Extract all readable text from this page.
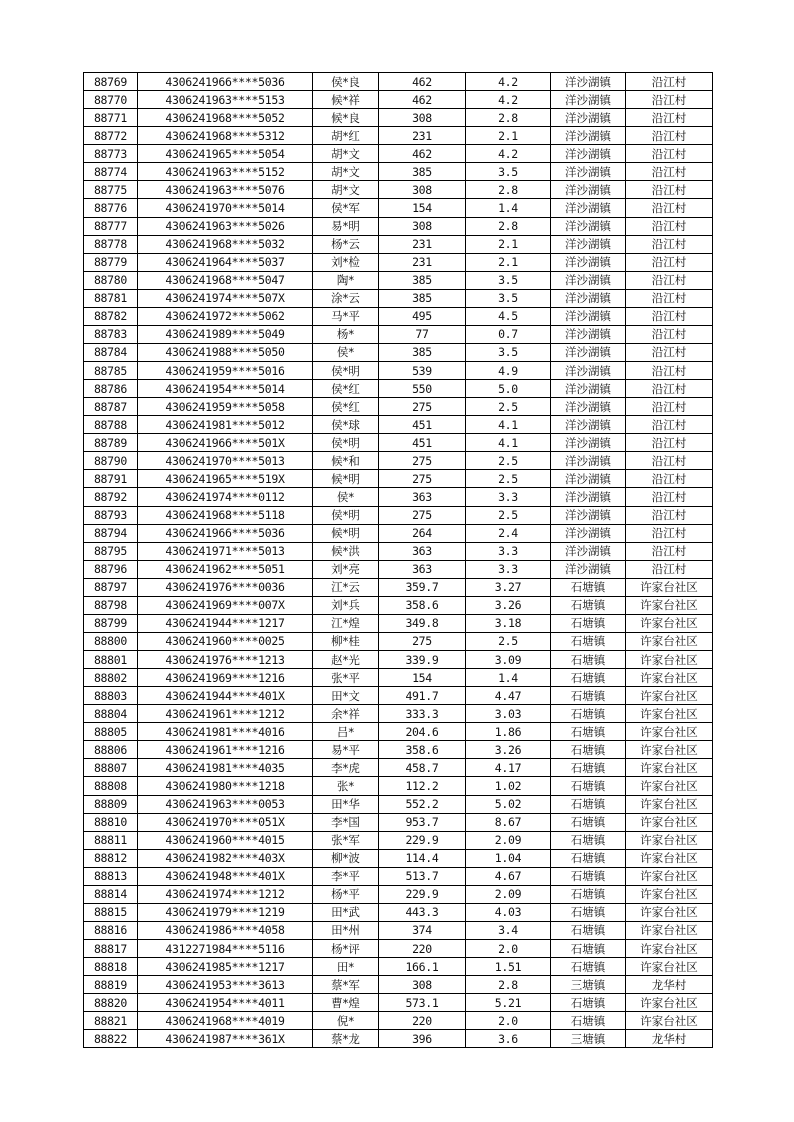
88769	4306241966****5036	侯*良	462	4.2	洋沙湖镇	沿江村
88770	4306241963****5153	候*祥	462	4.2	洋沙湖镇	沿江村
88771	4306241968****5052	候*良	308	2.8	洋沙湖镇	沿江村
88772	4306241968****5312	胡*红	231	2.1	洋沙湖镇	沿江村
88773	4306241965****5054	胡*文	462	4.2	洋沙湖镇	沿江村
88774	4306241963****5152	胡*文	385	3.5	洋沙湖镇	沿江村
88775	4306241963****5076	胡*文	308	2.8	洋沙湖镇	沿江村
88776	4306241970****5014	侯*军	154	1.4	洋沙湖镇	沿江村
88777	4306241963****5026	易*明	308	2.8	洋沙湖镇	沿江村
88778	4306241968****5032	杨*云	231	2.1	洋沙湖镇	沿江村
88779	4306241964****5037	刘*检	231	2.1	洋沙湖镇	沿江村
88780	4306241968****5047	陶*	385	3.5	洋沙湖镇	沿江村
88781	4306241974****507X	涂*云	385	3.5	洋沙湖镇	沿江村
88782	4306241972****5062	马*平	495	4.5	洋沙湖镇	沿江村
88783	4306241989****5049	杨*	77	0.7	洋沙湖镇	沿江村
88784	4306241988****5050	侯*	385	3.5	洋沙湖镇	沿江村
88785	4306241959****5016	侯*明	539	4.9	洋沙湖镇	沿江村
88786	4306241954****5014	侯*红	550	5.0	洋沙湖镇	沿江村
88787	4306241959****5058	侯*红	275	2.5	洋沙湖镇	沿江村
88788	4306241981****5012	侯*球	451	4.1	洋沙湖镇	沿江村
88789	4306241966****501X	侯*明	451	4.1	洋沙湖镇	沿江村
88790	4306241970****5013	候*和	275	2.5	洋沙湖镇	沿江村
88791	4306241965****519X	候*明	275	2.5	洋沙湖镇	沿江村
88792	4306241974****0112	侯*	363	3.3	洋沙湖镇	沿江村
88793	4306241968****5118	侯*明	275	2.5	洋沙湖镇	沿江村
88794	4306241966****5036	候*明	264	2.4	洋沙湖镇	沿江村
88795	4306241971****5013	候*洪	363	3.3	洋沙湖镇	沿江村
88796	4306241962****5051	刘*亮	363	3.3	洋沙湖镇	沿江村
88797	4306241976****0036	江*云	359.7	3.27	石塘镇	许家台社区
88798	4306241969****007X	刘*兵	358.6	3.26	石塘镇	许家台社区
88799	4306241944****1217	江*煌	349.8	3.18	石塘镇	许家台社区
88800	4306241960****0025	柳*桂	275	2.5	石塘镇	许家台社区
88801	4306241976****1213	赵*光	339.9	3.09	石塘镇	许家台社区
88802	4306241969****1216	张*平	154	1.4	石塘镇	许家台社区
88803	4306241944****401X	田*文	491.7	4.47	石塘镇	许家台社区
88804	4306241961****1212	余*祥	333.3	3.03	石塘镇	许家台社区
88805	4306241981****4016	吕*	204.6	1.86	石塘镇	许家台社区
88806	4306241961****1216	易*平	358.6	3.26	石塘镇	许家台社区
88807	4306241981****4035	李*虎	458.7	4.17	石塘镇	许家台社区
88808	4306241980****1218	张*	112.2	1.02	石塘镇	许家台社区
88809	4306241963****0053	田*华	552.2	5.02	石塘镇	许家台社区
88810	4306241970****051X	李*国	953.7	8.67	石塘镇	许家台社区
88811	4306241960****4015	张*军	229.9	2.09	石塘镇	许家台社区
88812	4306241982****403X	柳*波	114.4	1.04	石塘镇	许家台社区
88813	4306241948****401X	李*平	513.7	4.67	石塘镇	许家台社区
88814	4306241974****1212	杨*平	229.9	2.09	石塘镇	许家台社区
88815	4306241979****1219	田*武	443.3	4.03	石塘镇	许家台社区
88816	4306241986****4058	田*州	374	3.4	石塘镇	许家台社区
88817	4312271984****5116	杨*评	220	2.0	石塘镇	许家台社区
88818	4306241985****1217	田*	166.1	1.51	石塘镇	许家台社区
88819	4306241953****3613	蔡*军	308	2.8	三塘镇	龙华村
88820	4306241954****4011	曹*煌	573.1	5.21	石塘镇	许家台社区
88821	4306241968****4019	倪*	220	2.0	石塘镇	许家台社区
88822	4306241987****361X	蔡*龙	396	3.6	三塘镇	龙华村
